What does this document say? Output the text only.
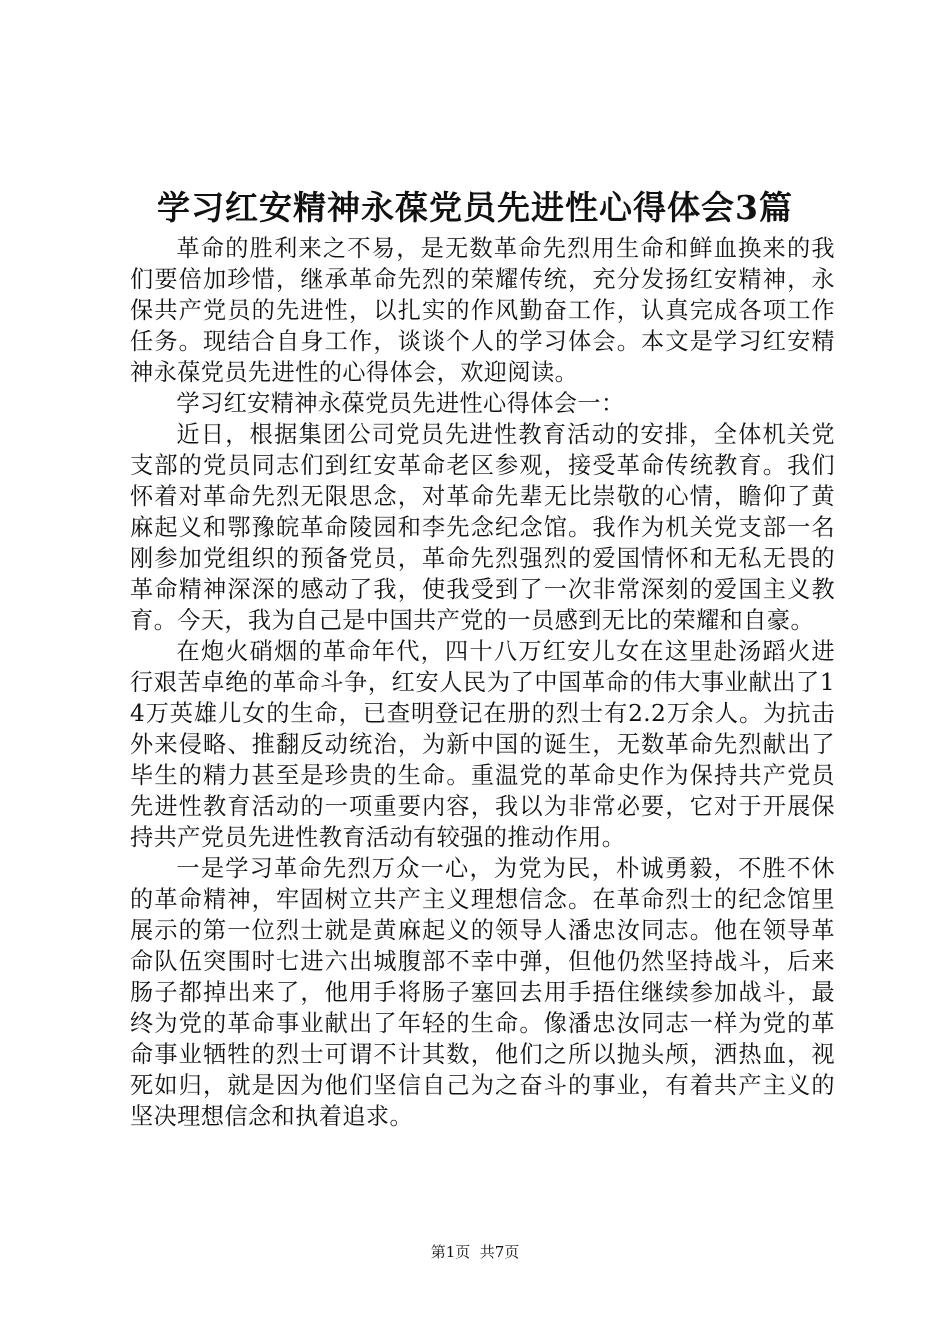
学习红安精神永葆党员先进性心得体会3篇

革命的胜利来之不易，是无数革命先烈用生命和鲜血换来的我们要倍加珍惜，继承革命先烈的荣耀传统，充分发扬红安精神，永保共产党员的先进性，以扎实的作风勤奋工作，认真完成各项工作任务。现结合自身工作，谈谈个人的学习体会。本文是学习红安精神永葆党员先进性的心得体会，欢迎阅读。

学习红安精神永葆党员先进性心得体会一：

近日，根据集团公司党员先进性教育活动的安排，全体机关党支部的党员同志们到红安革命老区参观，接受革命传统教育。我们怀着对革命先烈无限思念，对革命先辈无比崇敬的心情，瞻仰了黄麻起义和鄂豫皖革命陵园和李先念纪念馆。我作为机关党支部一名刚参加党组织的预备党员，革命先烈强烈的爱国情怀和无私无畏的革命精神深深的感动了我，使我受到了一次非常深刻的爱国主义教育。今天，我为自己是中国共产党的一员感到无比的荣耀和自豪。

在炮火硝烟的革命年代，四十八万红安儿女在这里赴汤蹈火进行艰苦卓绝的革命斗争，红安人民为了中国革命的伟大事业献出了14万英雄儿女的生命，已查明登记在册的烈士有2.2万余人。为抗击外来侵略、推翻反动统治，为新中国的诞生，无数革命先烈献出了毕生的精力甚至是珍贵的生命。重温党的革命史作为保持共产党员先进性教育活动的一项重要内容，我以为非常必要，它对于开展保持共产党员先进性教育活动有较强的推动作用。

一是学习革命先烈万众一心，为党为民，朴诚勇毅，不胜不休的革命精神，牢固树立共产主义理想信念。在革命烈士的纪念馆里展示的第一位烈士就是黄麻起义的领导人潘忠汝同志。他在领导革命队伍突围时七进六出城腹部不幸中弹，但他仍然坚持战斗，后来肠子都掉出来了，他用手将肠子塞回去用手捂住继续参加战斗，最终为党的革命事业献出了年轻的生命。像潘忠汝同志一样为党的革命事业牺牲的烈士可谓不计其数，他们之所以抛头颅，洒热血，视死如归，就是因为他们坚信自己为之奋斗的事业，有着共产主义的坚决理想信念和执着追求。

第1页  共7页
